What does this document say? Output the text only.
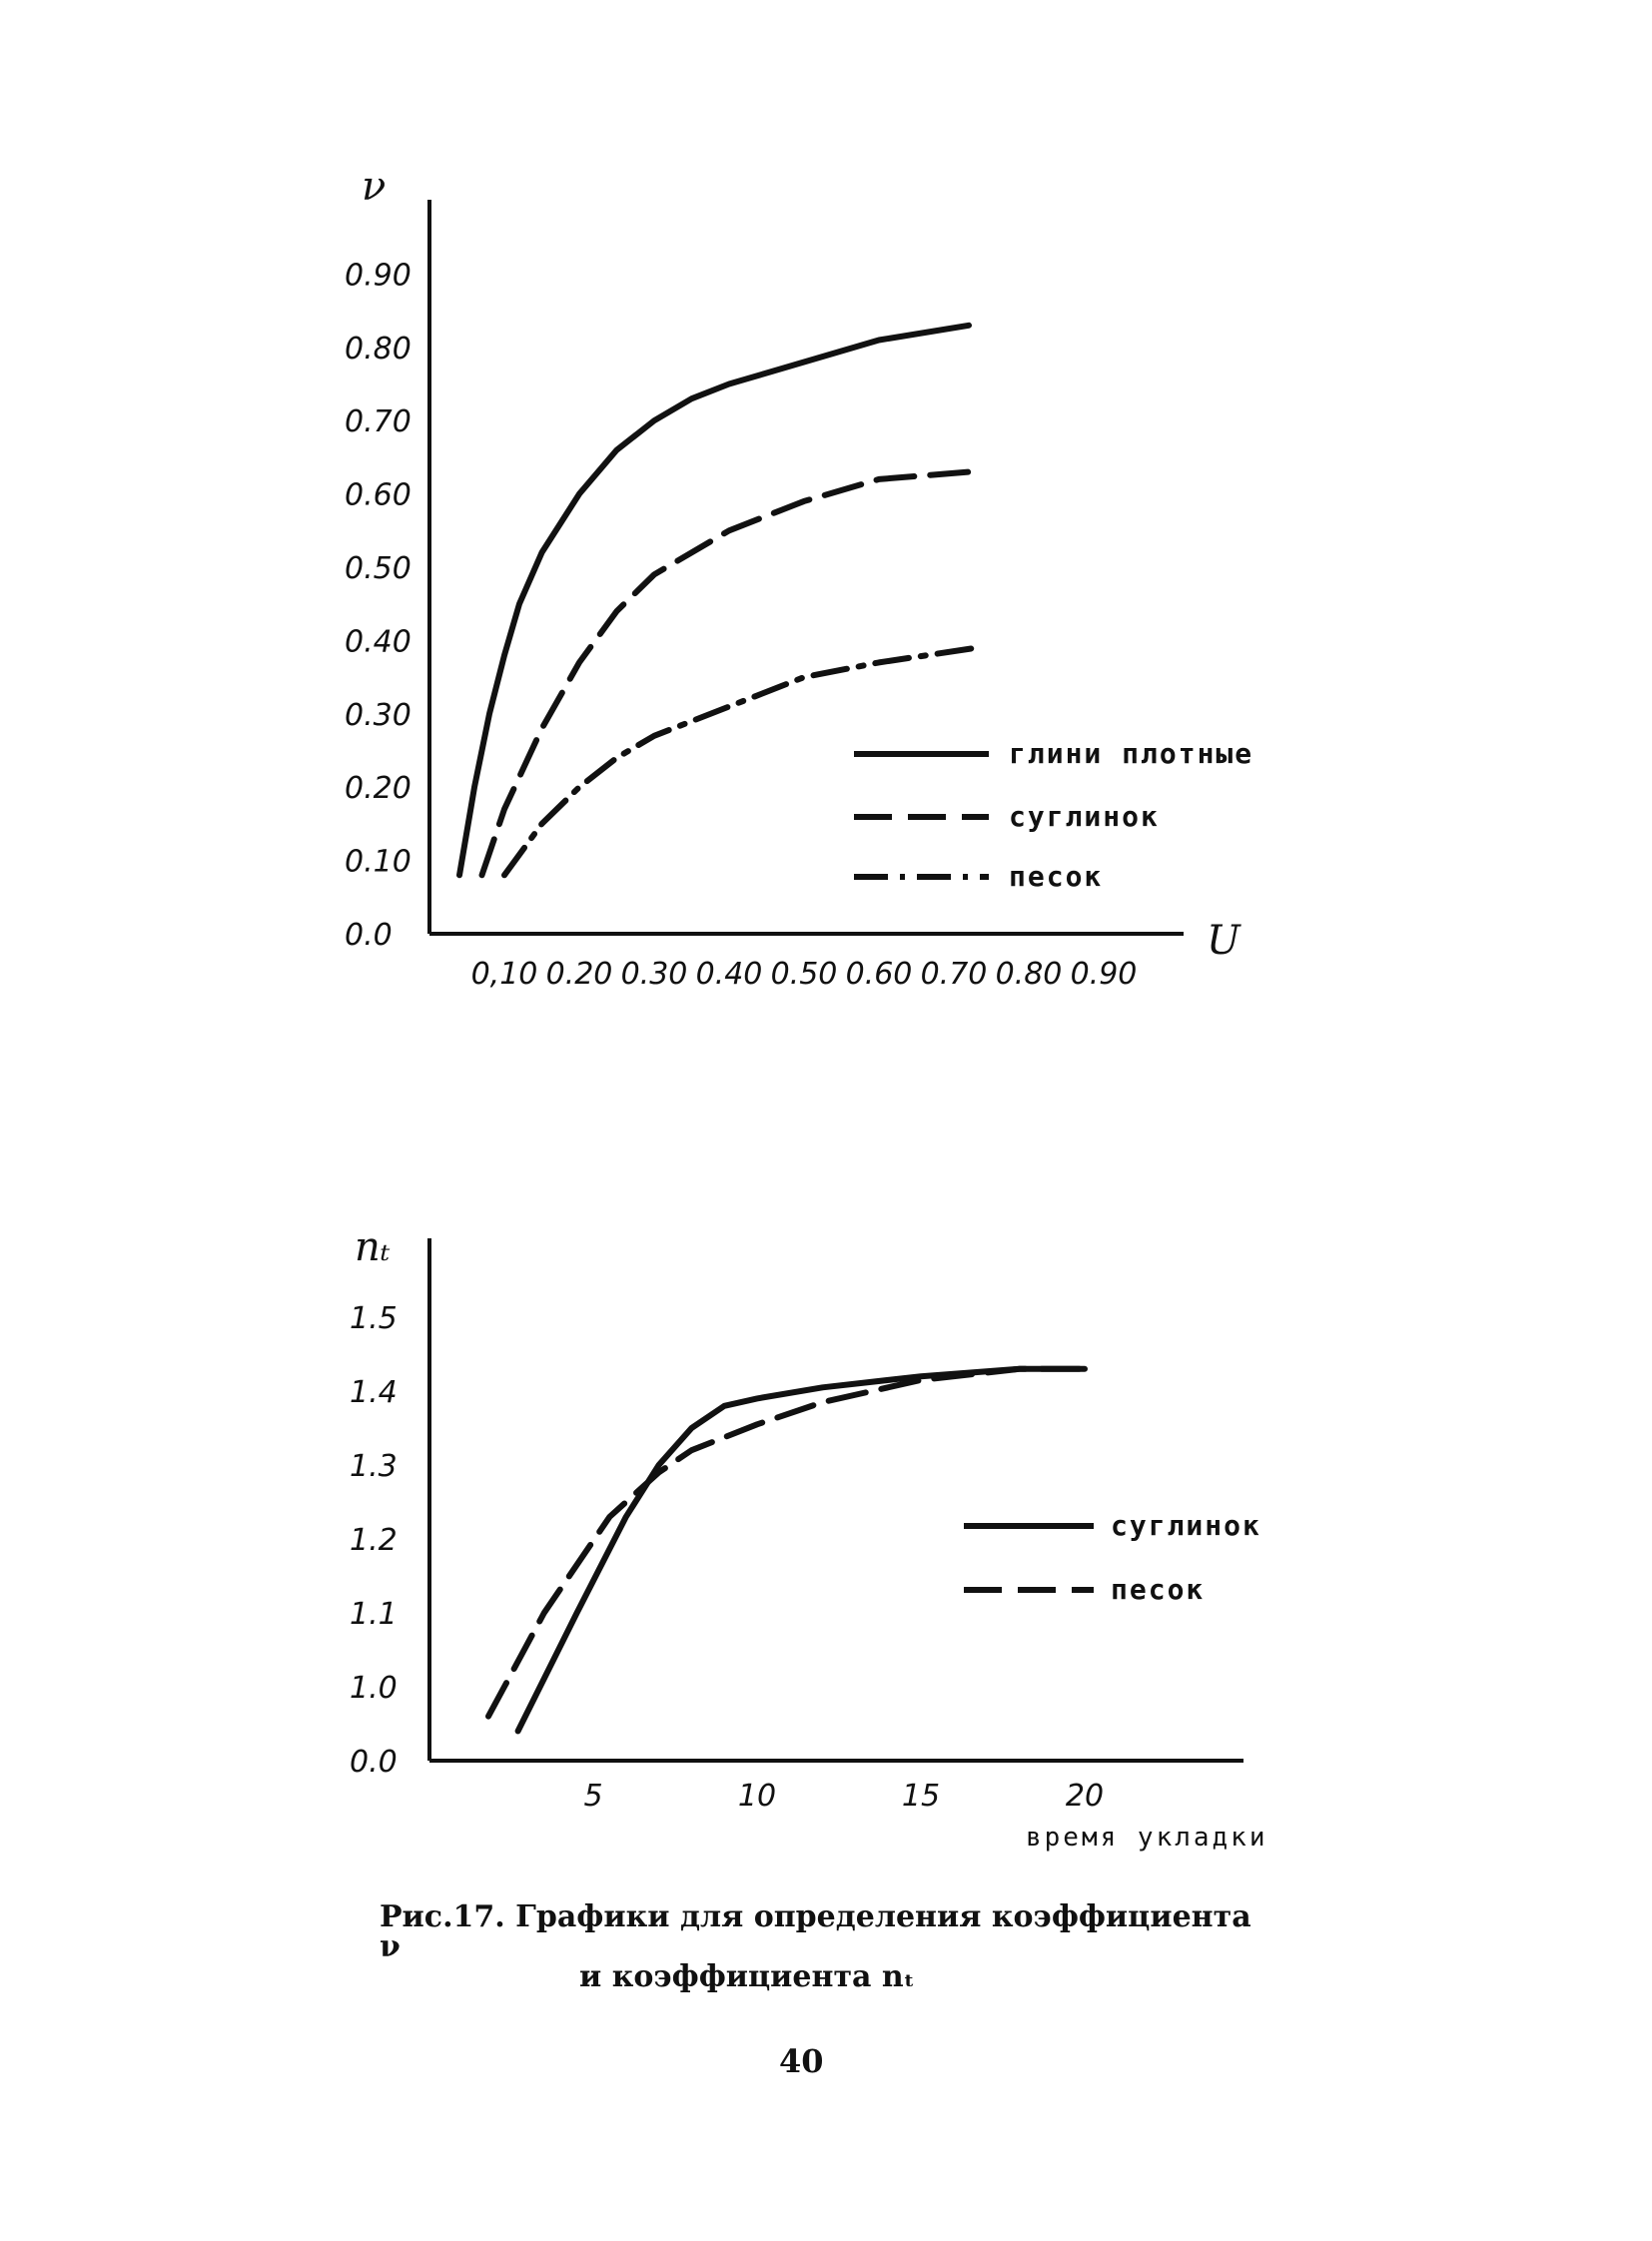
ν
U
0.0
0.10
0.20
0.30
0.40
0.50
0.60
0.70
0.80
0.90
0,10 0.20 0.30 0.40 0.50 0.60 0.70 0.80 0.90
глини плотные
суглинок
песок
nₜ
время укладки
0.0
1.0
1.1
1.2
1.3
1.4
1.5
5	10	15	20
суглинок
песок
Рис.17. Графики для определения коэффициента ν
и коэффициента nₜ
40
